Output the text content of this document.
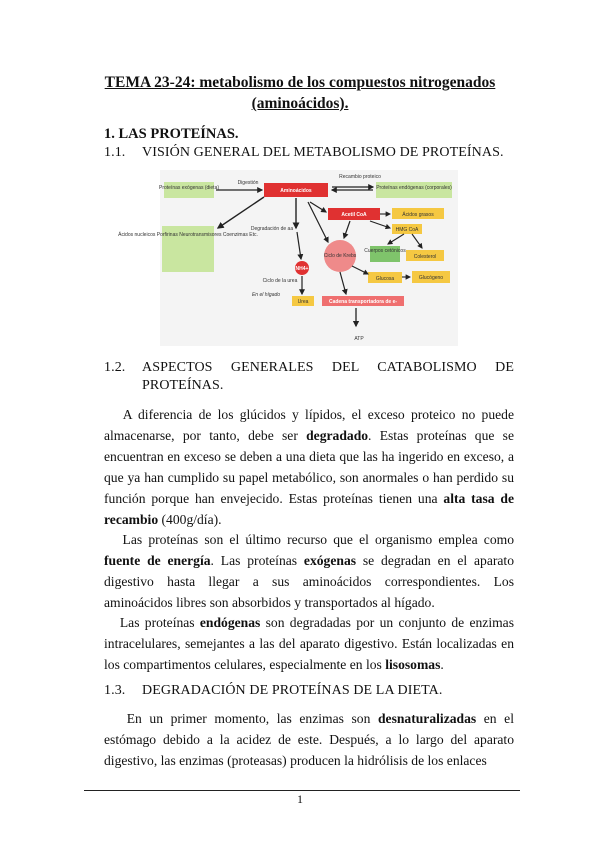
TEMA 23-24: metabolismo de los compuestos nitrogenados
(aminoácidos).
1. LAS PROTEÍNAS.
1.1. VISIÓN GENERAL DEL METABOLISMO DE PROTEÍNAS.
Proteínas exógenas (dieta)
Digestión
Aminoácidos
Recambio proteico
Proteínas endógenas (corporales)
Ácidos nucleicos Porfirinas Neurotransmisores Coenzimas Etc.
Degradación de aa
Acetil CoA	Ácidos grasos
HMG CoA
Ciclo de Krebs
Cuerpos cetónicos
Colesterol
Glucosa	Glucógeno
NH4+
Ciclo de la urea
En el hígado
Urea	Cadena transportadora de e-
ATP
1.2.	ASPECTOS GENERALES DEL CATABOLISMO DE
PROTEÍNAS.
A diferencia de los glúcidos y lípidos, el exceso proteico no puede almacenarse, por tanto, debe ser degradado. Estas proteínas que se encuentran en exceso se deben a una dieta que las ha ingerido en exceso, a que ya han cumplido su papel metabólico, son anormales o han perdido su función porque han envejecido. Estas proteínas tienen una alta tasa de recambio (400g/día).
Las proteínas son el último recurso que el organismo emplea como fuente de energía. Las proteínas exógenas se degradan en el aparato digestivo hasta llegar a sus aminoácidos correspondientes. Los aminoácidos libres son absorbidos y transportados al hígado.
Las proteínas endógenas son degradadas por un conjunto de enzimas intracelulares, semejantes a las del aparato digestivo. Están localizadas en los compartimentos celulares, especialmente en los lisosomas.
1.3. DEGRADACIÓN DE PROTEÍNAS DE LA DIETA.
En un primer momento, las enzimas son desnaturalizadas en el estómago debido a la acidez de este. Después, a lo largo del aparato digestivo, las enzimas (proteasas) producen la hidrólisis de los enlaces
1
